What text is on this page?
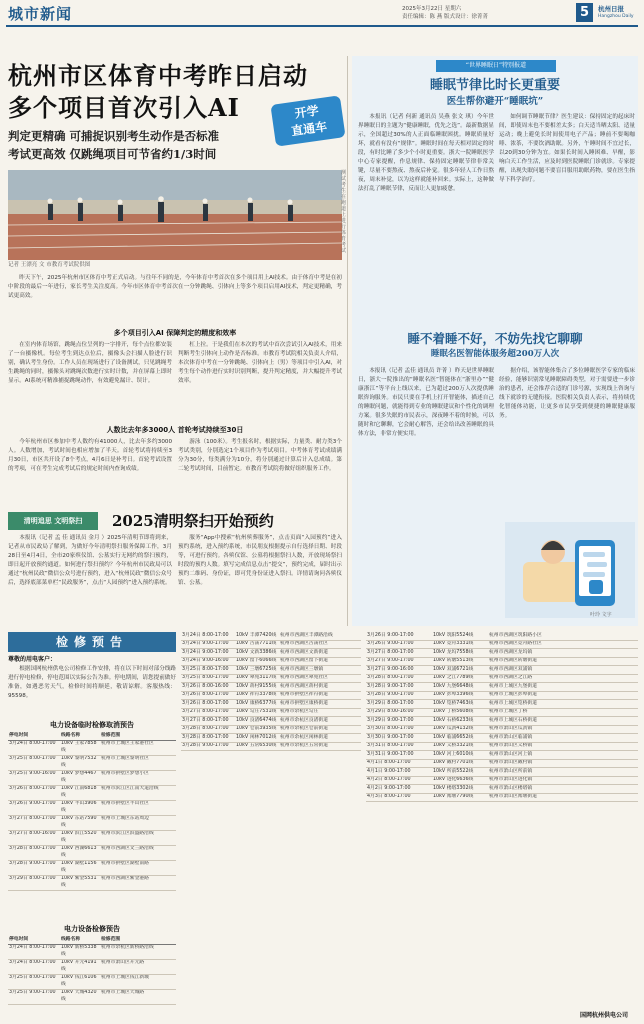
城市新闻	2025年3月22日 星期六
责任编辑：陈 燕 版式设计：徐菁菁	5	杭州日报
Hangzhou Daily
杭州市区体育中考昨日启动
多个项目首次引入AI
判定更精确 可捕捉识别考生动作是否标准
考试更高效 仅跳绳项目可节省约1/3时间
开学
直通车
记者 王漂亮 文 市教育考试院供图
测试考生在跑道上进行体育考试

昨天下午，2025年杭州市区体育中考正式启动。与往年不同的是，今年体育中考首次在多个项目用上AI技术。由于体育中考是在初中阶段的最后一年进行，家长考生关注度高。今年市区体育中考首次在一分钟跳绳、引体向上等多个项目启用AI技术，判定更精确，考试更高效。

多个项目引入AI 保障判定的精度和效率

在室内体育场馆，跳绳点位呈列的一字排开，每个点位都安装了一台摄像机。每位考生到达点位后，摄像头会扫描人脸进行识别，确认考生身份。工作人员在现场进行了设备测试，只见跳绳考生跳绳的同时，摄像头对跳绳次数进行实时计数，并在屏幕上即时显示。AI系统可精准捕捉跳绳动作，有效避免漏计、误计。

杠上拉。于是我们在本次的考试中首次尝试引入AI技术，用来判断考生引体向上动作是否标准。市教育考试院相关负责人介绍，本次体育中考在一分钟跳绳、引体向上（男）等项目中引入AI，对考生每个动作进行实时识别判断，提升判定精度，并大幅提升考试效率。

人数比去年多3000人 首轮考试持续至30日

今年杭州市区参加中考人数约有41000人，比去年多约3000人。人数增加，考试时间也相应增加了半天。首轮考试将持续至3月30日，市区共开设了8个考点，4月6日是补考日。首轮考试设置的考项，可在考生完成考试后的规定时间内查询成绩。

游泳（100米）。考生报名时，根据实际，力量类、耐力类3个考试类别，分别选定1个项目作为考试项目。中考体育考试成绩满分为30分，每类满分为10分，将分别通过计算后计入总成绩。第二轮考试时间，目前暂定。市教育考试院将做好组织服务工作。

清明追思 文明祭扫	2025清明祭扫开始预约

本报讯（记者 孟 佳 通讯员 金月 ）2025年清明节即将到来，记者从市民政局了解到，为做好今年清明祭扫服务保障工作，3月28日至4月4日，全市20家殡仪馆、公墓实行无网约的祭扫预约，即日起开放预约通道。如何进行祭扫预约？今年杭州市民政局可以通过“杭州民政”微信公众号进行预约，进入“杭州民政”微信公众号后，选择底部菜单栏“民政服务”，点击“人园预约”进入预约系统。

服务“App中搜索“杭州殡葬服务”，点击页面“入园预约”进入预约系统，进入预约系统，市民朋友根据提示自行选择日期、时段等，可进行预约。各殡仪馆、公墓将根据祭扫人数，开放现场祭扫时段的预约人数。填写完成信息点击“提交”，预约完成，届时出示预约二维码、身份证，即可凭身份证进入祭扫。详情请询问各殡仪馆、公墓。

“世界睡眠日”特别报道
睡眠节律比时长更重要
医生帮你避开“睡眠坑”

本报讯（记者 何新 通讯员 吴燕 张文 琪）今年世界睡眠日的主题为“健康睡眠，优先之选”。最新数据显示，全国超过30%的人正面临睡眠困扰。睡眠质量好坏，就看有没有“规律”。睡眠时间在每天相对固定的时段，有时比睡了多少个小时更重要。浙大一院睡眠医学中心专家提醒，作息规律、保持固定睡眠节律非常关键，尽量不要熬夜、熬夜后补觉。很多年轻人工作日熬夜，周末补觉，以为这样就能补回来。实际上，这种做法打乱了睡眠节律，反而让人更加疲惫。

如何调节睡眠节律？医生建议：保持固定的起床时间，即使周末也不要相差太多；白天适当晒太阳、适量运动；晚上避免长时间使用电子产品；睡前不要喝咖啡、浓茶，不要饮酒助眠。另外，午睡时间不宜过长，以20到30分钟为宜。如果长时间入睡困难、早醒，影响白天工作生活，应及时到医院睡眠门诊就诊。专家提醒，出现失眠问题不要盲目服用助眠药物，要在医生指导下科学治疗。

睡不着睡不好，不妨先找它聊聊
睡眠名医智能体服务超200万人次

本报讯（记者 孟佳 通讯员 许菁 ）昨天是世界睡眠日，浙大一院推出的“睡眠名医”智能体在“浙里办”“健康浙江”等平台上线以来，已为超过200万人次提供睡眠咨询服务。市民只要在手机上打开智能体，描述自己的睡眠问题，就能得到专业的睡眠建议和个性化的调理方案。很多失眠的市民表示，深夜睡不着的时候，可以随时和它聊聊，它会耐心解答，还会给出改善睡眠的具体方法，非常方便实用。

据介绍，该智能体集合了多位睡眠医学专家的临床经验，能够识别常见睡眠障碍类型，对于需要进一步诊治的患者，还会推荐合适的门诊号源，实现线上咨询与线下就诊的无缝衔接。医院相关负责人表示，将持续优化智能体功能，让更多市民享受到便捷的睡眠健康服务。

叶玲 文字
检修预告
尊敬的用电客户：

根据国网杭州供电公司检修工作安排，将在以下时间对部分线路进行停电检修，停电范围以实际公告为准。停电期间，请您提前做好准备，如遇恶劣天气，检修时间将顺延，敬请谅解。客服热线：95598。

电力设备临时检修取消预告
停电时间	线路名称	检修范围
3月24日 8:00-17:00	10kV 王家7858线	杭州市上城区王家港社区
3月25日 8:00-17:00	10kV 黎明7532线	杭州市上城区黎明社区
3月25日 9:00-16:00	10kV 梦想4467线	杭州市拱墅区梦想小区
3月26日 8:00-17:00	10kV 江南6818线	杭州市滨江区江南大道沿线
3月26日 9:00-17:00	10kV 半山3906线	杭州市拱墅区半山社区
3月27日 8:00-17:00	10kV 东站7590线	杭州市上城区东站周边
3月27日 8:00-16:00	10kV 滨江5520线	杭州市滨江区滨盛路沿线
3月28日 8:00-17:00	10kV 西湖6613线	杭州市西湖区文三路沿线
3月28日 9:00-17:00	10kV 湖墅1156线	杭州市拱墅区湖墅南路
3月29日 8:00-17:00	10kV 紫金5531线	杭州市西湖区紫金港路
电力设备检修预告
停电时间	线路名称	检修范围
3月24日 8:00-17:00	10kV 新桥5338线	杭州市余杭区新桥路沿线
3月24日 8:00-17:00	10kV 开元4191线	杭州市萧山区开元路
3月25日 8:00-17:00	10kV 钱江6106线	杭州市上城区钱江新城
3月25日 9:00-17:00	10kV 天城4320线	杭州市上城区天城路
3月24日 8:00-17:00	10kV 丰潭7420线	杭州市西湖区丰潭路沿线
3月24日 9:00-17:00	10kV 古荡7711线	杭州市西湖区古荡社区
3月24日 9:00-17:00	10kV 文新3386线	杭州市西湖区文新街道
3月24日 9:00-16:00	10kV 留下6066线	杭州市西湖区留下街道
3月25日 8:00-17:00	10kV 三墩6725线	杭州市西湖区三墩镇
3月25日 8:00-17:00	10kV 翠苑3117线	杭州市西湖区翠苑社区
3月26日 8:00-16:00	10kV 蒋村9155线	杭州市西湖区蒋村街道
3月26日 8:00-17:00	10kV 祥符3378线	杭州市拱墅区祥符街道
3月26日 8:00-17:00	10kV 康桥6377线	杭州市拱墅区康桥街道
3月27日 8:00-17:00	10kV 勾庄7531线	杭州市余杭区勾庄
3月27日 8:00-17:00	10kV 良渚6474线	杭州市余杭区良渚街道
3月28日 8:00-17:00	10kV 仓前3935线	杭州市余杭区仓前街道
3月28日 8:00-17:00	10kV 闲林7012线	杭州市余杭区闲林街道
3月28日 9:00-17:00	10kV 五常6530线	杭州市余杭区五常街道
3月26日 9:00-17:00	10kV 筑阳5524线	杭州市西湖区筑阳路小区
3月26日 9:00-17:00	10kV 竞舟3331线	杭州市西湖区竞舟路社区
3月27日 8:00-17:00	10kV 龙坞7558线	杭州市西湖区龙坞镇
3月27日 9:00-17:00	10kV 转塘5513线	杭州市西湖区转塘街道
3月27日 9:00-16:00	10kV 双浦6721线	杭州市西湖区双浦镇
3月28日 8:00-17:00	10kV 之江7789线	杭州市西湖区之江路
3月28日 9:00-17:00	10kV 九堡6648线	杭州市上城区九堡街道
3月28日 9:00-17:00	10kV 彭埠3396线	杭州市上城区彭埠街道
3月29日 8:00-17:00	10kV 笕桥7463线	杭州市上城区笕桥街道
3月29日 8:00-16:00	10kV 丁桥5608线	杭州市上城区丁桥
3月29日 9:00-17:00	10kV 石桥6233线	杭州市上城区石桥街道
3月30日 8:00-17:00	10kV 瓜沥4132线	杭州市萧山区瓜沥镇
3月30日 9:00-17:00	10kV 临浦6652线	杭州市萧山区临浦镇
3月31日 8:00-17:00	10kV 义桥3321线	杭州市萧山区义桥镇
3月31日 9:00-17:00	10kV 河上6010线	杭州市萧山区河上镇
4月1日 8:00-17:00	10kV 戴村7701线	杭州市萧山区戴村镇
4月1日 9:00-17:00	10kV 所前5522线	杭州市萧山区所前镇
4月2日 8:00-17:00	10kV 进化6636线	杭州市萧山区进化镇
4月2日 9:00-17:00	10kV 楼塔3302线	杭州市萧山区楼塔镇
4月3日 8:00-17:00	10kV 闻堰7790线	杭州市萧山区闻堰街道
国网杭州供电公司
